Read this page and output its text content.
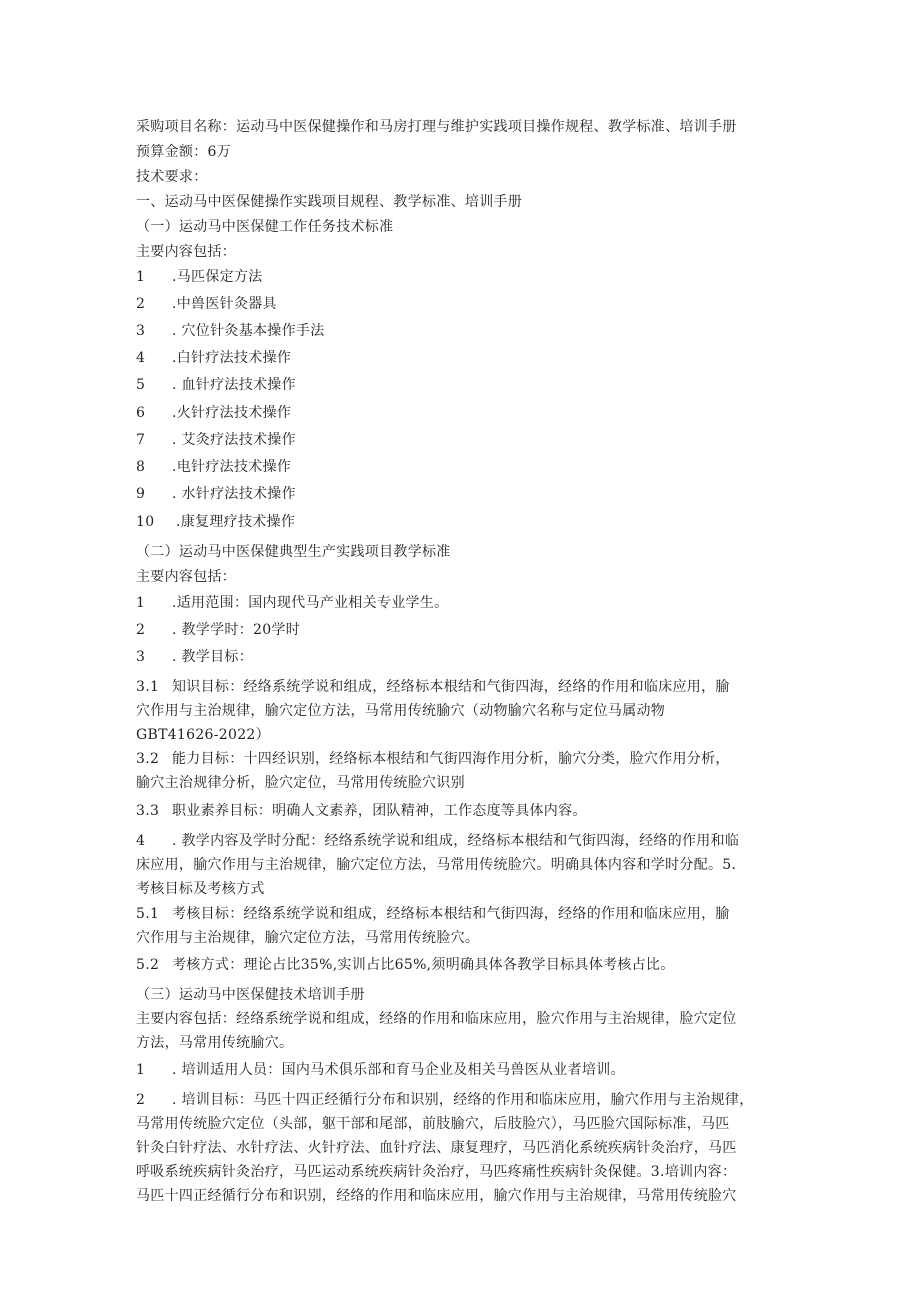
采购项目名称：运动马中医保健操作和马房打理与维护实践项目操作规程、教学标准、培训手册
预算金额：6万
技术要求：
一、运动马中医保健操作实践项目规程、教学标准、培训手册
（一）运动马中医保健工作任务技术标准
主要内容包括：
1 .马匹保定方法
2 .中兽医针灸器具
3 . 穴位针灸基本操作手法
4 .白针疗法技术操作
5 . 血针疗法技术操作
6 .火针疗法技术操作
7 . 艾灸疗法技术操作
8 .电针疗法技术操作
9 . 水针疗法技术操作
10 .康复理疗技术操作
（二）运动马中医保健典型生产实践项目教学标准
主要内容包括：
1 .适用范围：国内现代马产业相关专业学生。
2 . 教学学时：20学时
3 . 教学目标：
3.1 知识目标：经络系统学说和组成，经络标本根结和气街四海，经络的作用和临床应用，腧
穴作用与主治规律，腧穴定位方法，马常用传统腧穴（动物腧穴名称与定位马属动物
GBT41626-2022）
3.2 能力目标：十四经识别，经络标本根结和气街四海作用分析，腧穴分类，脸穴作用分析，
腧穴主治规律分析，脸穴定位，马常用传统脸穴识别
3.3 职业素养目标：明确人文素养，团队精神，工作态度等具体内容。
4 . 教学内容及学时分配：经络系统学说和组成，经络标本根结和气街四海，经络的作用和临
床应用，腧穴作用与主治规律，腧穴定位方法，马常用传统脸穴。明确具体内容和学时分配。5.
考核目标及考核方式
5.1 考核目标：经络系统学说和组成，经络标本根结和气街四海，经络的作用和临床应用，腧
穴作用与主治规律，腧穴定位方法，马常用传统脸穴。
5.2 考核方式：理论占比35%,实训占比65%,须明确具体各教学目标具体考核占比。
（三）运动马中医保健技术培训手册
主要内容包括：经络系统学说和组成，经络的作用和临床应用，脸穴作用与主治规律，脸穴定位
方法，马常用传统腧穴。
1 . 培训适用人员：国内马术俱乐部和育马企业及相关马兽医从业者培训。
2 . 培训目标：马匹十四正经循行分布和识别，经络的作用和临床应用，腧穴作用与主治规律，
马常用传统脸穴定位（头部，躯干部和尾部，前肢腧穴，后肢脸穴），马匹脸穴国际标准，马匹
针灸白针疗法、水针疗法、火针疗法、血针疗法、康复理疗，马匹消化系统疾病针灸治疗，马匹
呼吸系统疾病针灸治疗，马匹运动系统疾病针灸治疗，马匹疼痛性疾病针灸保健。3.培训内容：
马匹十四正经循行分布和识别，经络的作用和临床应用，腧穴作用与主治规律，马常用传统脸穴
